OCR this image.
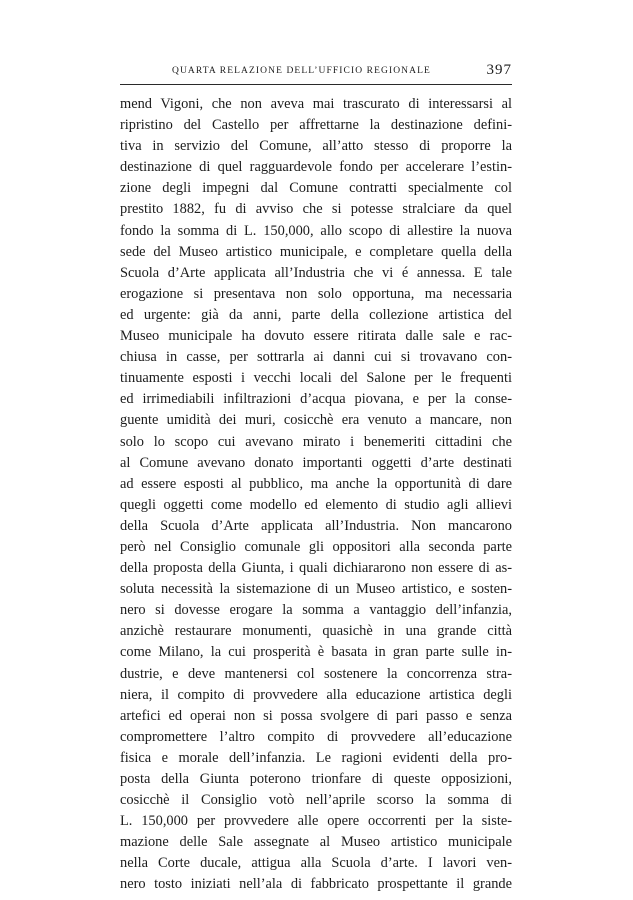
QUARTA RELAZIONE DELL’UFFICIO REGIONALE	397
mend Vigoni, che non aveva mai trascurato di interessarsi al
ripristino del Castello per affrettarne la destinazione defini-
tiva in servizio del Comune, all’atto stesso di proporre la
destinazione di quel ragguardevole fondo per accelerare l’estin-
zione degli impegni dal Comune contratti specialmente col
prestito 1882, fu di avviso che si potesse stralciare da quel
fondo la somma di L. 150,000, allo scopo di allestire la nuova
sede del Museo artistico municipale, e completare quella della
Scuola d’Arte applicata all’Industria che vi é annessa. E tale
erogazione si presentava non solo opportuna, ma necessaria
ed urgente: già da anni, parte della collezione artistica del
Museo municipale ha dovuto essere ritirata dalle sale e rac-
chiusa in casse, per sottrarla ai danni cui si trovavano con-
tinuamente esposti i vecchi locali del Salone per le frequenti
ed irrimediabili infiltrazioni d’acqua piovana, e per la conse-
guente umidità dei muri, cosicchè era venuto a mancare, non
solo lo scopo cui avevano mirato i benemeriti cittadini che
al Comune avevano donato importanti oggetti d’arte destinati
ad essere esposti al pubblico, ma anche la opportunità di dare
quegli oggetti come modello ed elemento di studio agli allievi
della Scuola d’Arte applicata all’Industria. Non mancarono
però nel Consiglio comunale gli oppositori alla seconda parte
della proposta della Giunta, i quali dichiararono non essere di as-
soluta necessità la sistemazione di un Museo artistico, e sosten-
nero si dovesse erogare la somma a vantaggio dell’infanzia,
anzichè restaurare monumenti, quasichè in una grande città
come Milano, la cui prosperità è basata in gran parte sulle in-
dustrie, e deve mantenersi col sostenere la concorrenza stra-
niera, il compito di provvedere alla educazione artistica degli
artefici ed operai non si possa svolgere di pari passo e senza
compromettere l’altro compito di provvedere all’educazione
fisica e morale dell’infanzia. Le ragioni evidenti della pro-
posta della Giunta poterono trionfare di queste opposizioni,
cosicchè il Consiglio votò nell’aprile scorso la somma di
L. 150,000 per provvedere alle opere occorrenti per la siste-
mazione delle Sale assegnate al Museo artistico municipale
nella Corte ducale, attigua alla Scuola d’arte. I lavori ven-
nero tosto iniziati nell’ala di fabbricato prospettante il grande
